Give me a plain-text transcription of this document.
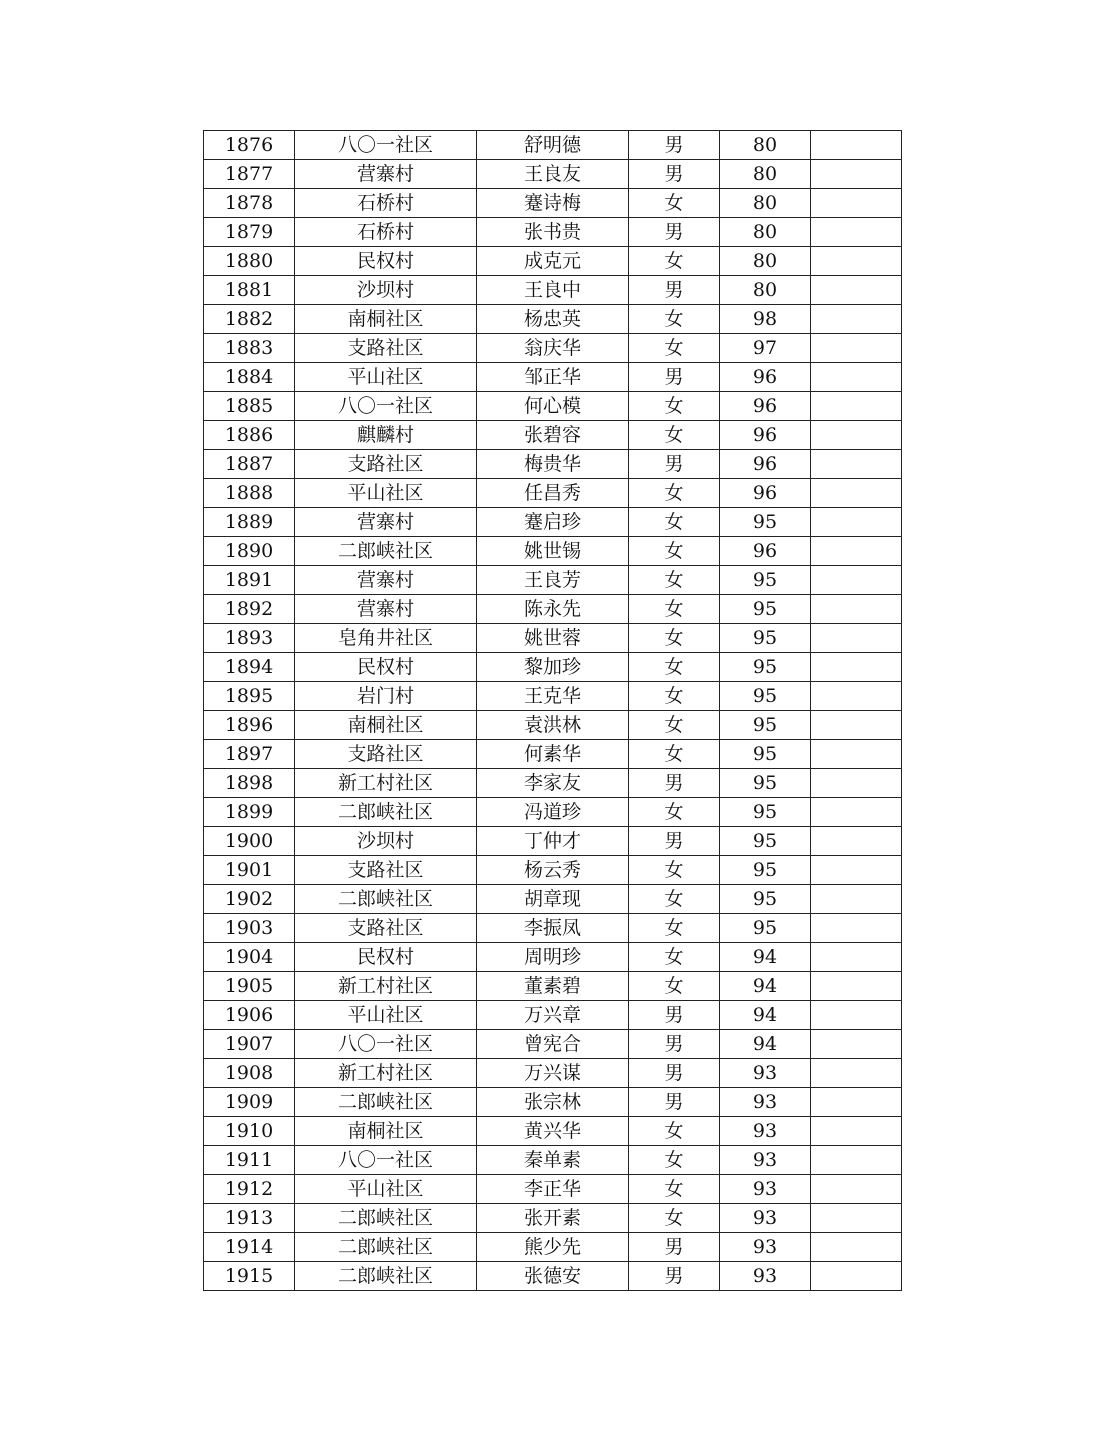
1876	八〇一社区	舒明德	男	80	
1877	营寨村	王良友	男	80	
1878	石桥村	蹇诗梅	女	80	
1879	石桥村	张书贵	男	80	
1880	民权村	成克元	女	80	
1881	沙坝村	王良中	男	80	
1882	南桐社区	杨忠英	女	98	
1883	支路社区	翁庆华	女	97	
1884	平山社区	邹正华	男	96	
1885	八〇一社区	何心模	女	96	
1886	麒麟村	张碧容	女	96	
1887	支路社区	梅贵华	男	96	
1888	平山社区	任昌秀	女	96	
1889	营寨村	蹇启珍	女	95	
1890	二郎峡社区	姚世锡	女	96	
1891	营寨村	王良芳	女	95	
1892	营寨村	陈永先	女	95	
1893	皂角井社区	姚世蓉	女	95	
1894	民权村	黎加珍	女	95	
1895	岩门村	王克华	女	95	
1896	南桐社区	袁洪林	女	95	
1897	支路社区	何素华	女	95	
1898	新工村社区	李家友	男	95	
1899	二郎峡社区	冯道珍	女	95	
1900	沙坝村	丁仲才	男	95	
1901	支路社区	杨云秀	女	95	
1902	二郎峡社区	胡章现	女	95	
1903	支路社区	李振凤	女	95	
1904	民权村	周明珍	女	94	
1905	新工村社区	董素碧	女	94	
1906	平山社区	万兴章	男	94	
1907	八〇一社区	曾宪合	男	94	
1908	新工村社区	万兴谋	男	93	
1909	二郎峡社区	张宗林	男	93	
1910	南桐社区	黄兴华	女	93	
1911	八〇一社区	秦单素	女	93	
1912	平山社区	李正华	女	93	
1913	二郎峡社区	张开素	女	93	
1914	二郎峡社区	熊少先	男	93	
1915	二郎峡社区	张德安	男	93	
